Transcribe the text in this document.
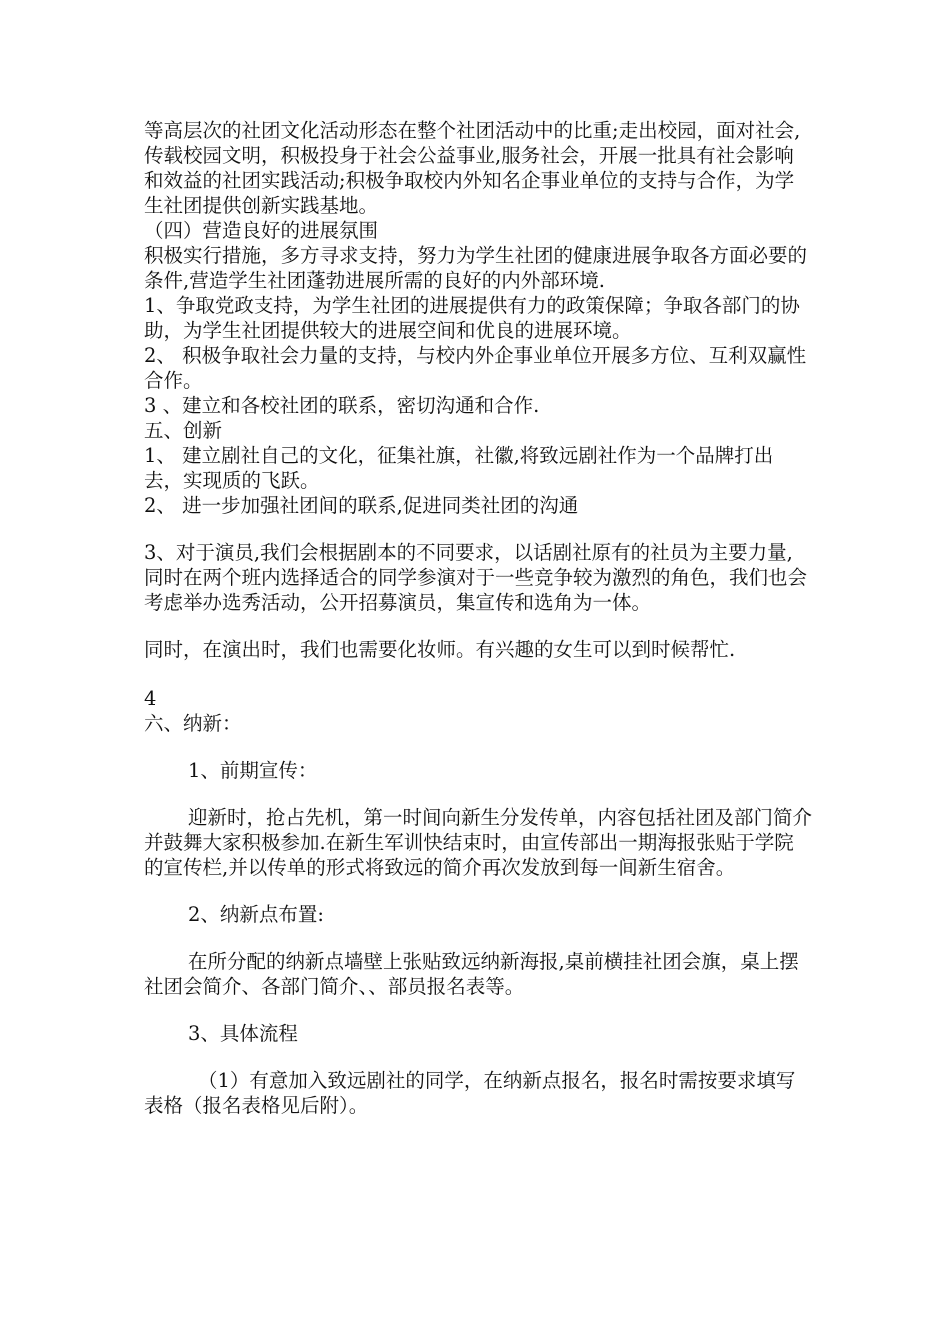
等高层次的社团文化活动形态在整个社团活动中的比重;走出校园，面对社会,传载校园文明，积极投身于社会公益事业,服务社会，开展一批具有社会影响和效益的社团实践活动;积极争取校内外知名企事业单位的支持与合作，为学生社团提供创新实践基地。

（四）营造良好的进展氛围

积极实行措施，多方寻求支持，努力为学生社团的健康进展争取各方面必要的条件,营造学生社团蓬勃进展所需的良好的内外部环境.

1、争取党政支持，为学生社团的进展提供有力的政策保障；争取各部门的协助，为学生社团提供较大的进展空间和优良的进展环境。

2、 积极争取社会力量的支持，与校内外企事业单位开展多方位、互利双赢性合作。

3 、建立和各校社团的联系，密切沟通和合作.

五、创新

1、 建立剧社自己的文化，征集社旗，社徽,将致远剧社作为一个品牌打出去，实现质的飞跃。

2、 进一步加强社团间的联系,促进同类社团的沟通

3、对于演员,我们会根据剧本的不同要求，以话剧社原有的社员为主要力量,同时在两个班内选择适合的同学参演对于一些竞争较为激烈的角色，我们也会考虑举办选秀活动，公开招募演员，集宣传和选角为一体。

同时，在演出时，我们也需要化妆师。有兴趣的女生可以到时候帮忙.

4

六、纳新：

1、前期宣传：

迎新时，抢占先机，第一时间向新生分发传单，内容包括社团及部门简介并鼓舞大家积极参加.在新生军训快结束时，由宣传部出一期海报张贴于学院的宣传栏,并以传单的形式将致远的简介再次发放到每一间新生宿舍。

2、纳新点布置:

在所分配的纳新点墙壁上张贴致远纳新海报,桌前横挂社团会旗，桌上摆社团会简介、各部门简介、、部员报名表等。

3、具体流程

（1）有意加入致远剧社的同学，在纳新点报名，报名时需按要求填写表格（报名表格见后附）。
